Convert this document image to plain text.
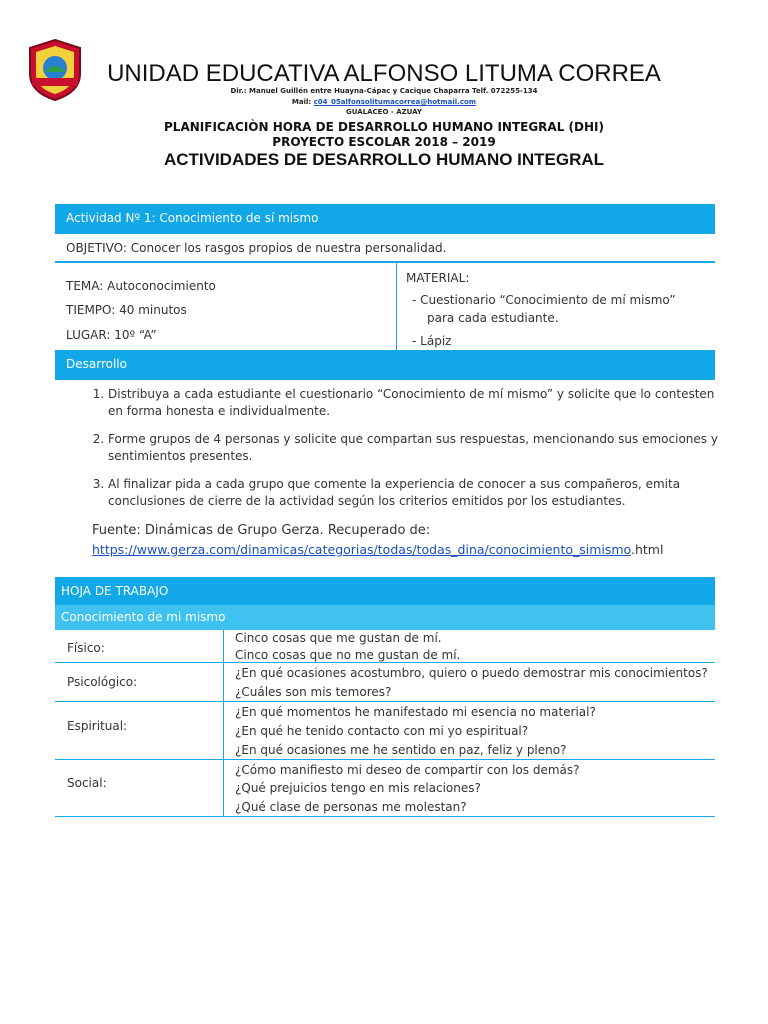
UNIDAD EDUCATIVA ALFONSO LITUMA CORREA
Dir.: Manuel Guillén entre Huayna-Cápac y Cacique Chaparra Telf. 072255-134
Mail: c04_05alfonsolitumacorrea@hotmail.com
GUALACEO - AZUAY
PLANIFICACIÒN HORA DE DESARROLLO HUMANO INTEGRAL (DHI)
PROYECTO ESCOLAR 2018 – 2019
ACTIVIDADES DE DESARROLLO HUMANO INTEGRAL
Actividad Nº 1: Conocimiento de sí mismo
OBJETIVO: Conocer los rasgos propios de nuestra personalidad.
TEMA: Autoconocimiento
TIEMPO: 40 minutos
LUGAR: 10º “A”
MATERIAL:
- Cuestionario “Conocimiento de mí mismo”
para cada estudiante.
- Lápiz
Desarrollo
1. Distribuya a cada estudiante el cuestionario “Conocimiento de mí mismo” y solicite que lo contesten en forma honesta e individualmente.
2. Forme grupos de 4 personas y solicite que compartan sus respuestas, mencionando sus emociones y sentimientos presentes.
3. Al finalizar pida a cada grupo que comente la experiencia de conocer a sus compañeros, emita conclusiones de cierre de la actividad según los criterios emitidos por los estudiantes.
Fuente: Dinámicas de Grupo Gerza. Recuperado de:
https://www.gerza.com/dinamicas/categorias/todas/todas_dina/conocimiento_simismo.html
HOJA DE TRABAJO
Conocimiento de mi mismo
Físico:
Cinco cosas que me gustan de mí.
Cinco cosas que no me gustan de mí.
Psicológico:
¿En qué ocasiones acostumbro, quiero o puedo demostrar mis conocimientos?
¿Cuáles son mis temores?
Espiritual:
¿En qué momentos he manifestado mi esencia no material?
¿En qué he tenido contacto con mi yo espiritual?
¿En qué ocasiones me he sentido en paz, feliz y pleno?
Social:
¿Cómo manifiesto mi deseo de compartir con los demás?
¿Qué prejuicios tengo en mis relaciones?
¿Qué clase de personas me molestan?
